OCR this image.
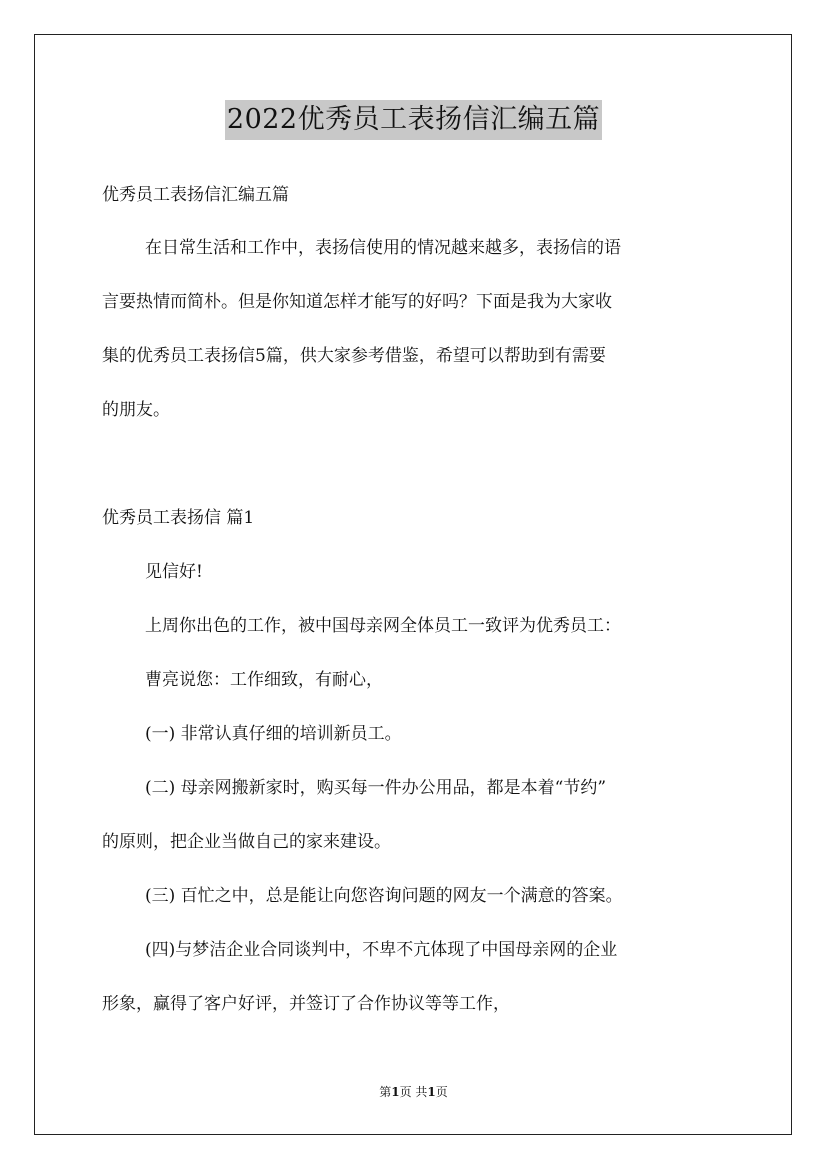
2022优秀员工表扬信汇编五篇
优秀员工表扬信汇编五篇
在日常生活和工作中，表扬信使用的情况越来越多，表扬信的语
言要热情而简朴。但是你知道怎样才能写的好吗？下面是我为大家收
集的优秀员工表扬信5篇，供大家参考借鉴，希望可以帮助到有需要
的朋友。
优秀员工表扬信 篇1
见信好!
上周你出色的工作，被中国母亲网全体员工一致评为优秀员工：
曹亮说您：工作细致，有耐心，
(一) 非常认真仔细的培训新员工。
(二) 母亲网搬新家时，购买每一件办公用品，都是本着“节约”
的原则，把企业当做自己的家来建设。
(三) 百忙之中，总是能让向您咨询问题的网友一个满意的答案。
(四)与梦洁企业合同谈判中，不卑不亢体现了中国母亲网的企业
形象，赢得了客户好评，并签订了合作协议等等工作，
第1页 共1页
